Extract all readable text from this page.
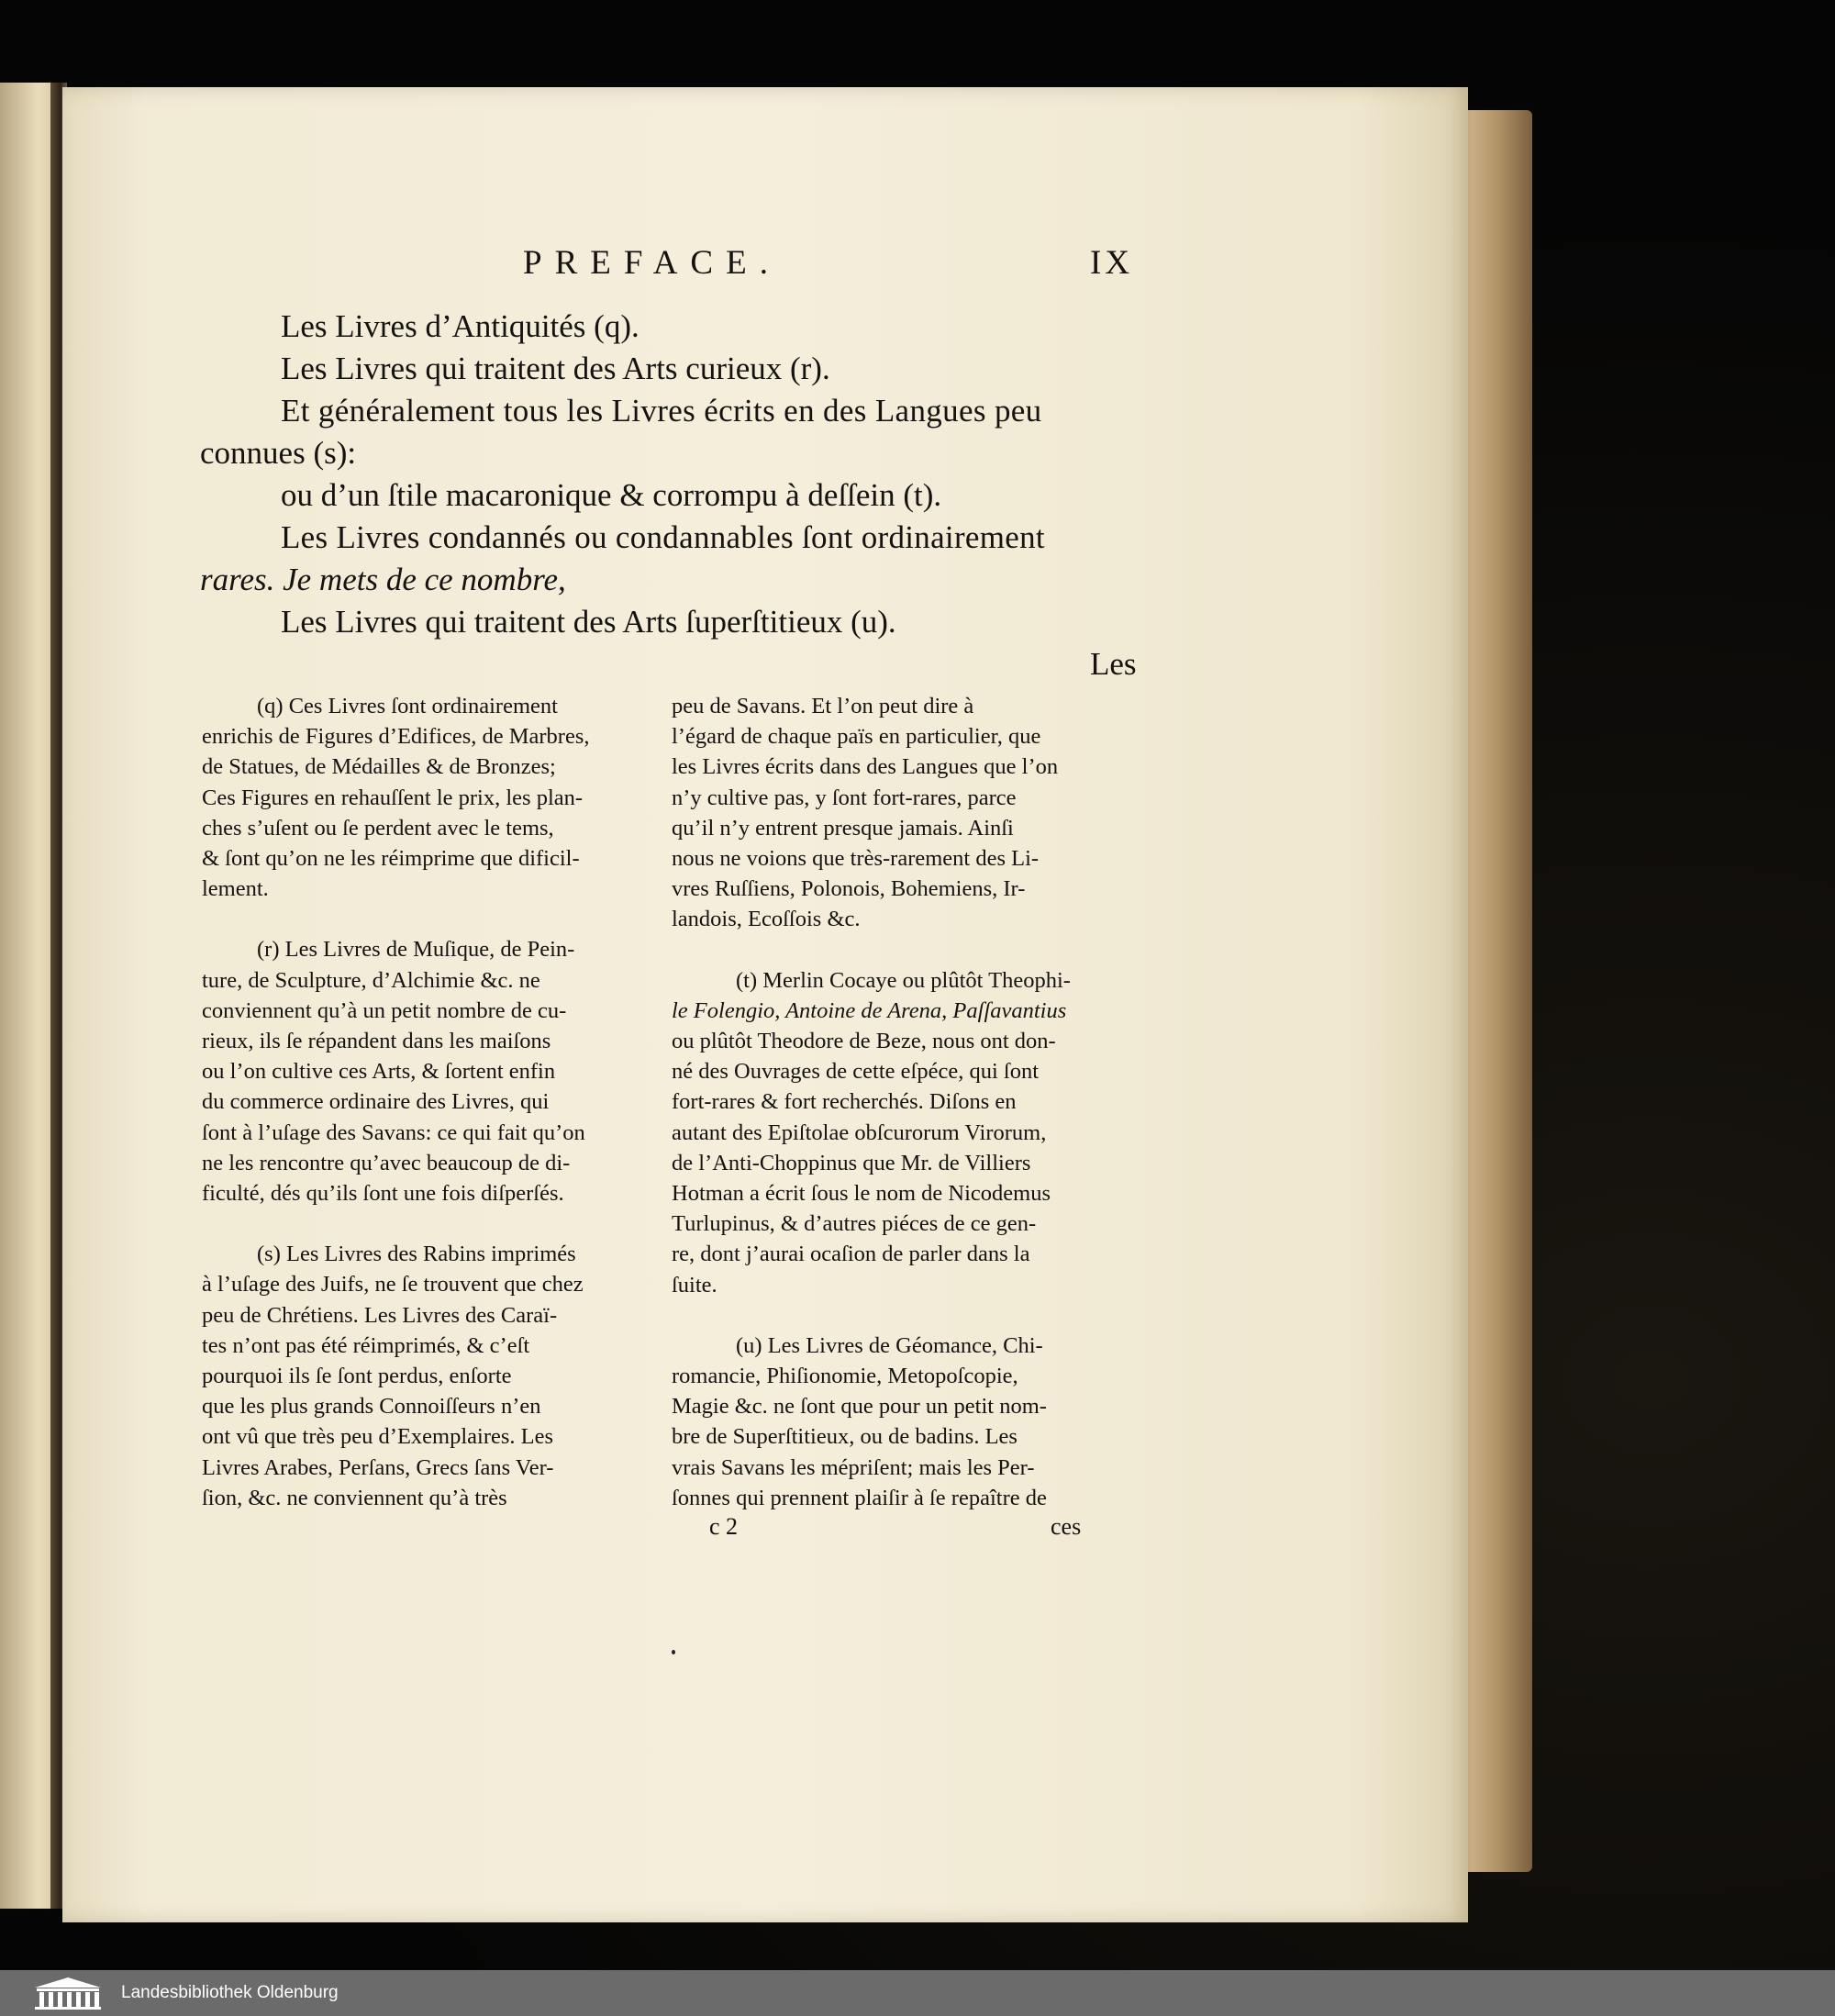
PREFACE.	IX

Les Livres d’Antiquités (q).

Les Livres qui traitent des Arts curieux (r).

Et généralement tous les Livres écrits en des Langues peu

connues (s):

ou d’un ſtile macaronique & corrompu à deſſein (t).

Les Livres condannés ou condannables ſont ordinairement

rares. Je mets de ce nombre,

Les Livres qui traitent des Arts ſuperſtitieux (u).

Les

(q) Ces Livres ſont ordinairement

enrichis de Figures d’Edifices, de Marbres,

de Statues, de Médailles & de Bronzes;

Ces Figures en rehauſſent le prix, les plan-

ches s’uſent ou ſe perdent avec le tems,

& ſont qu’on ne les réimprime que dificil-

lement.

(r) Les Livres de Muſique, de Pein-

ture, de Sculpture, d’Alchimie &c. ne

conviennent qu’à un petit nombre de cu-

rieux, ils ſe répandent dans les maiſons

ou l’on cultive ces Arts, & ſortent enfin

du commerce ordinaire des Livres, qui

ſont à l’uſage des Savans: ce qui fait qu’on

ne les rencontre qu’avec beaucoup de di-

ficulté, dés qu’ils ſont une fois diſperſés.

(s) Les Livres des Rabins imprimés

à l’uſage des Juifs, ne ſe trouvent que chez

peu de Chrétiens. Les Livres des Caraï-

tes n’ont pas été réimprimés, & c’eſt

pourquoi ils ſe ſont perdus, enſorte

que les plus grands Connoiſſeurs n’en

ont vû que très peu d’Exemplaires. Les

Livres Arabes, Perſans, Grecs ſans Ver-

ſion, &c. ne conviennent qu’à très

peu de Savans. Et l’on peut dire à

l’égard de chaque païs en particulier, que

les Livres écrits dans des Langues que l’on

n’y cultive pas, y ſont fort-rares, parce

qu’il n’y entrent presque jamais. Ainſi

nous ne voions que très-rarement des Li-

vres Ruſſiens, Polonois, Bohemiens, Ir-

landois, Ecoſſois &c.

(t) Merlin Cocaye ou plûtôt Theophi-

le Folengio, Antoine de Arena, Paſſavantius

ou plûtôt Theodore de Beze, nous ont don-

né des Ouvrages de cette eſpéce, qui ſont

fort-rares & fort recherchés. Diſons en

autant des Epiſtolae obſcurorum Virorum,

de l’Anti-Choppinus que Mr. de Villiers

Hotman a écrit ſous le nom de Nicodemus

Turlupinus, & d’autres piéces de ce gen-

re, dont j’aurai ocaſion de parler dans la

ſuite.

(u) Les Livres de Géomance, Chi-

romancie, Phiſionomie, Metopoſcopie,

Magie &c. ne ſont que pour un petit nom-

bre de Superſtitieux, ou de badins. Les

vrais Savans les mépriſent; mais les Per-

ſonnes qui prennent plaiſir à ſe repaître de

c 2	ces
Landesbibliothek Oldenburg
